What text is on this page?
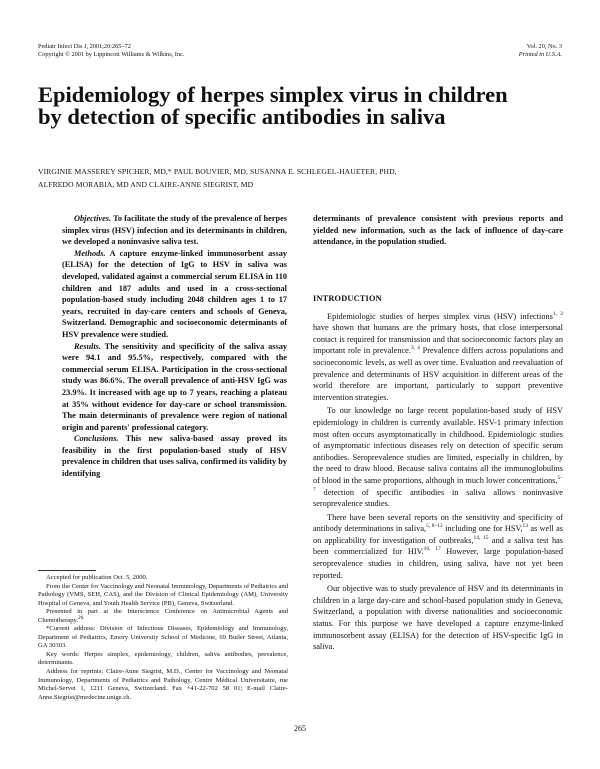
Pediatr Infect Dis J, 2001;20:265–72
Copyright © 2001 by Lippincott Williams & Wilkins, Inc.
Vol. 20, No. 3
Printed in U.S.A.
Epidemiology of herpes simplex virus in children by detection of specific antibodies in saliva
VIRGINIE MASSEREY SPICHER, MD,* PAUL BOUVIER, MD, SUSANNA E. SCHLEGEL-HAUETER, PHD,
ALFREDO MORABIA, MD AND CLAIRE-ANNE SIEGRIST, MD

Objectives. To facilitate the study of the prevalence of herpes simplex virus (HSV) infection and its determinants in children, we developed a noninvasive saliva test.

Methods. A capture enzyme-linked immunosorbent assay (ELISA) for the detection of IgG to HSV in saliva was developed, validated against a commercial serum ELISA in 110 children and 187 adults and used in a cross-sectional population-based study including 2048 children ages 1 to 17 years, recruited in day-care centers and schools of Geneva, Switzerland. Demographic and socioeconomic determinants of HSV prevalence were studied.

Results. The sensitivity and specificity of the saliva assay were 94.1 and 95.5%, respectively, compared with the commercial serum ELISA. Participation in the cross-sectional study was 86.6%. The overall prevalence of anti-HSV IgG was 23.9%. It increased with age up to 7 years, reaching a plateau at 35% without evidence for day-care or school transmission. The main determinants of prevalence were region of national origin and parents' professional category.

Conclusions. This new saliva-based assay proved its feasibility in the first population-based study of HSV prevalence in children that uses saliva, confirmed its validity by identifying

determinants of prevalence consistent with previous reports and yielded new information, such as the lack of influence of day-care attendance, in the population studied.

INTRODUCTION

Epidemiologic studies of herpes simplex virus (HSV) infections$^{1, 2}$ have shown that humans are the primary hosts, that close interpersonal contact is required for transmission and that socioeconomic factors play an important role in prevalence.$^{3, 4}$ Prevalence differs across populations and socioeconomic levels, as well as over time. Evaluation and reevaluation of prevalence and determinants of HSV acquisition in different areas of the world therefore are important, particularly to support preventive intervention strategies.

To our knowledge no large recent population-based study of HSV epidemiology in children is currently available. HSV-1 primary infection most often occurs asymptomatically in childhood. Epidemiologic studies of asymptomatic infectious diseases rely on detection of specific serum antibodies. Seroprevalence studies are limited, especially in children, by the need to draw blood. Because saliva contains all the immunoglobulins of blood in the same proportions, although in much lower concentrations,$^{5-7}$ detection of specific antibodies in saliva allows noninvasive seroprevalence studies.

There have been several reports on the sensitivity and specificity of antibody determinations in saliva,$^{5, 8-12}$ including one for HSV,$^{13}$ as well as on applicability for investigation of outbreaks,$^{14, 15}$ and a saliva test has been commercialized for HIV.$^{16, 17}$ However, large population-based seroprevalence studies in children, using saliva, have not yet been reported.

Our objective was to study prevalence of HSV and its determinants in children in a large day-care and school-based population study in Geneva, Switzerland, a population with diverse nationalities and socioeconomic status. For this purpose we have developed a capture enzyme-linked immunosorbent assay (ELISA) for the detection of HSV-specific IgG in saliva.

Accepted for publication Oct. 5, 2000.

From the Center for Vaccinology and Neonatal Immunology, Departments of Pediatrics and Pathology (VMS, SEH, CAS), and the Division of Clinical Epidemiology (AM), University Hospital of Geneva, and Youth Health Service (PB), Geneva, Switzerland.

Presented in part at the Interscience Conference on Antimicrobial Agents and Chemotherapy.$^{26}$

*Current address: Division of Infectious Diseases, Epidemiology and Immunology, Department of Pediatrics, Emory University School of Medicine, 69 Butler Street, Atlanta, GA 30303.

Key words: Herpes simplex, epidemiology, children, saliva antibodies, prevalence, determinants.

Address for reprints: Claire-Anne Siegrist, M.D., Center for Vaccinology and Neonatal Immunology, Departments of Pediatrics and Pathology, Centre Médical Universitaire, rue Michel-Servet 1, 1211 Geneva, Switzerland. Fax +41-22-702 58 01; E-mail Claire-Anne.Siegrist@medecine.unige.ch.

265
